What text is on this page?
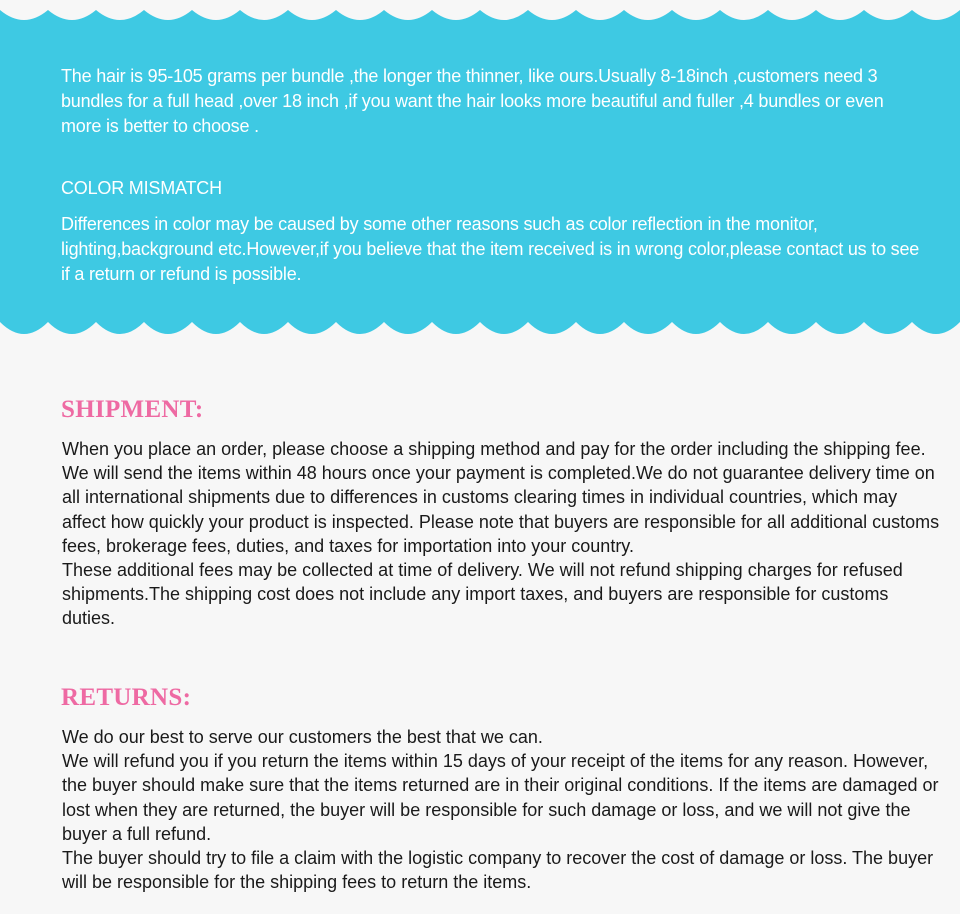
The hair is 95-105 grams per bundle ,the longer the thinner, like ours.Usually 8-18inch ,customers need 3 bundles for a full head ,over 18 inch ,if you want the hair looks more beautiful and fuller ,4 bundles or even more is better to choose .
COLOR MISMATCH
Differences in color may be caused by some other reasons such as color reflection in the monitor, lighting,background etc.However,if you believe that the item received is in wrong color,please contact us to see if a return or refund is possible.
SHIPMENT:

When you place an order, please choose a shipping method and pay for the order including the shipping fee. We will send the items within 48 hours once your payment is completed.We do not guarantee delivery time on all international shipments due to differences in customs clearing times in individual countries, which may affect how quickly your product is inspected. Please note that buyers are responsible for all additional customs fees, brokerage fees, duties, and taxes for importation into your country.

These additional fees may be collected at time of delivery. We will not refund shipping charges for refused shipments.The shipping cost does not include any import taxes, and buyers are responsible for customs duties.

RETURNS:

We do our best to serve our customers the best that we can.

We will refund you if you return the items within 15 days of your receipt of the items for any reason. However, the buyer should make sure that the items returned are in their original conditions. If the items are damaged or lost when they are returned, the buyer will be responsible for such damage or loss, and we will not give the buyer a full refund.

The buyer should try to file a claim with the logistic company to recover the cost of damage or loss. The buyer will be responsible for the shipping fees to return the items.
